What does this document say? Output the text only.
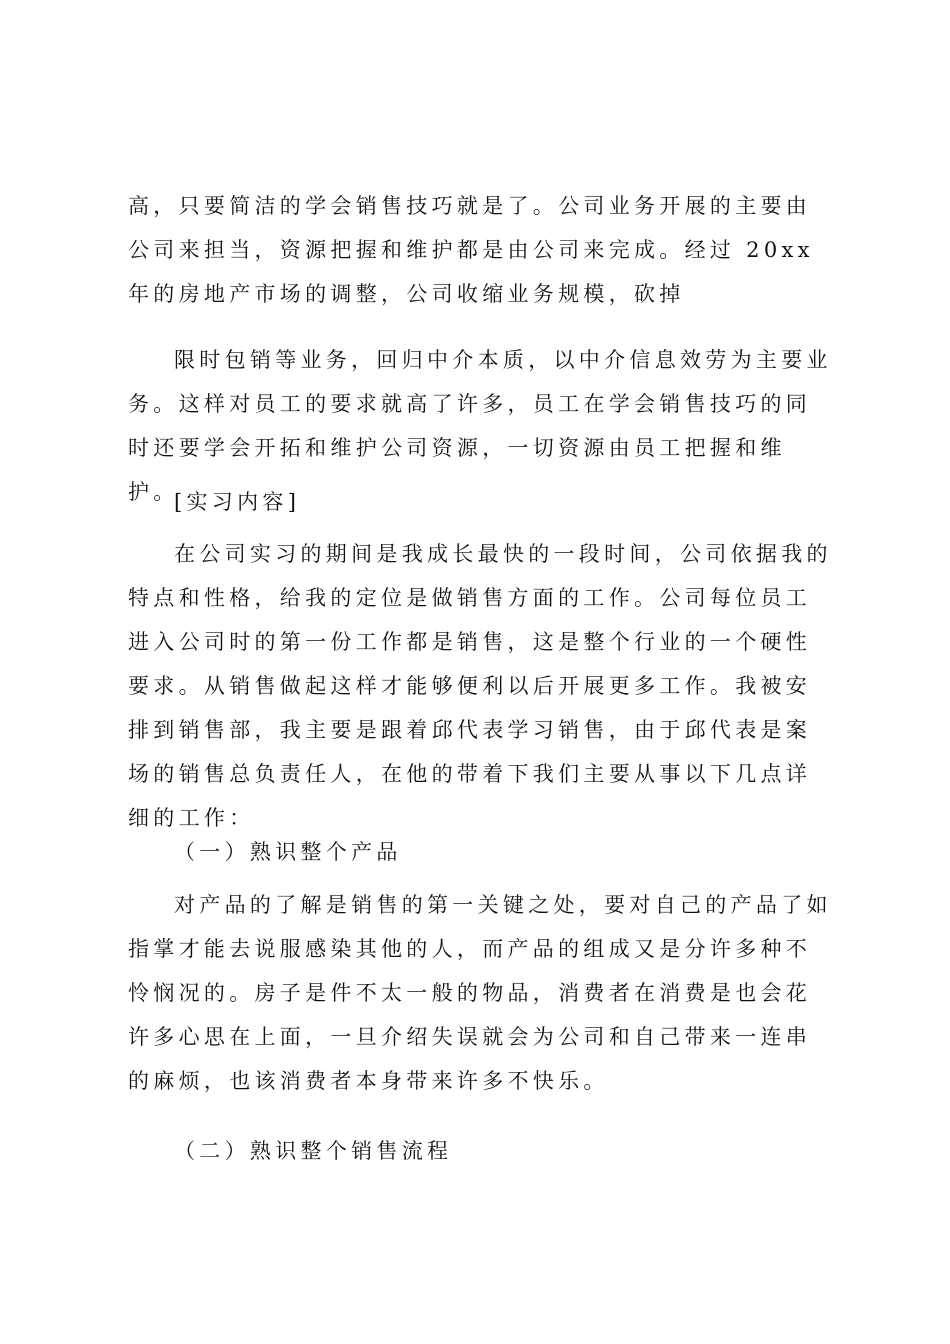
高，只要简洁的学会销售技巧就是了。公司业务开展的主要由公司来担当，资源把握和维护都是由公司来完成。经过 20xx 年的房地产市场的调整，公司收缩业务规模，砍掉

限时包销等业务，回归中介本质，以中介信息效劳为主要业务。这样对员工的要求就高了许多，员工在学会销售技巧的同时还要学会开拓和维护公司资源，一切资源由员工把握和维护。

[实习内容]

在公司实习的期间是我成长最快的一段时间，公司依据我的特点和性格，给我的定位是做销售方面的工作。公司每位员工进入公司时的第一份工作都是销售，这是整个行业的一个硬性要求。从销售做起这样才能够便利以后开展更多工作。我被安排到销售部，我主要是跟着邱代表学习销售，由于邱代表是案场的销售总负责任人，在他的带着下我们主要从事以下几点详细的工作：

（一）熟识整个产品

对产品的了解是销售的第一关键之处，要对自己的产品了如指掌才能去说服感染其他的人，而产品的组成又是分许多种不怜悯况的。房子是件不太一般的物品，消费者在消费是也会花许多心思在上面，一旦介绍失误就会为公司和自己带来一连串的麻烦，也该消费者本身带来许多不快乐。

（二）熟识整个销售流程
